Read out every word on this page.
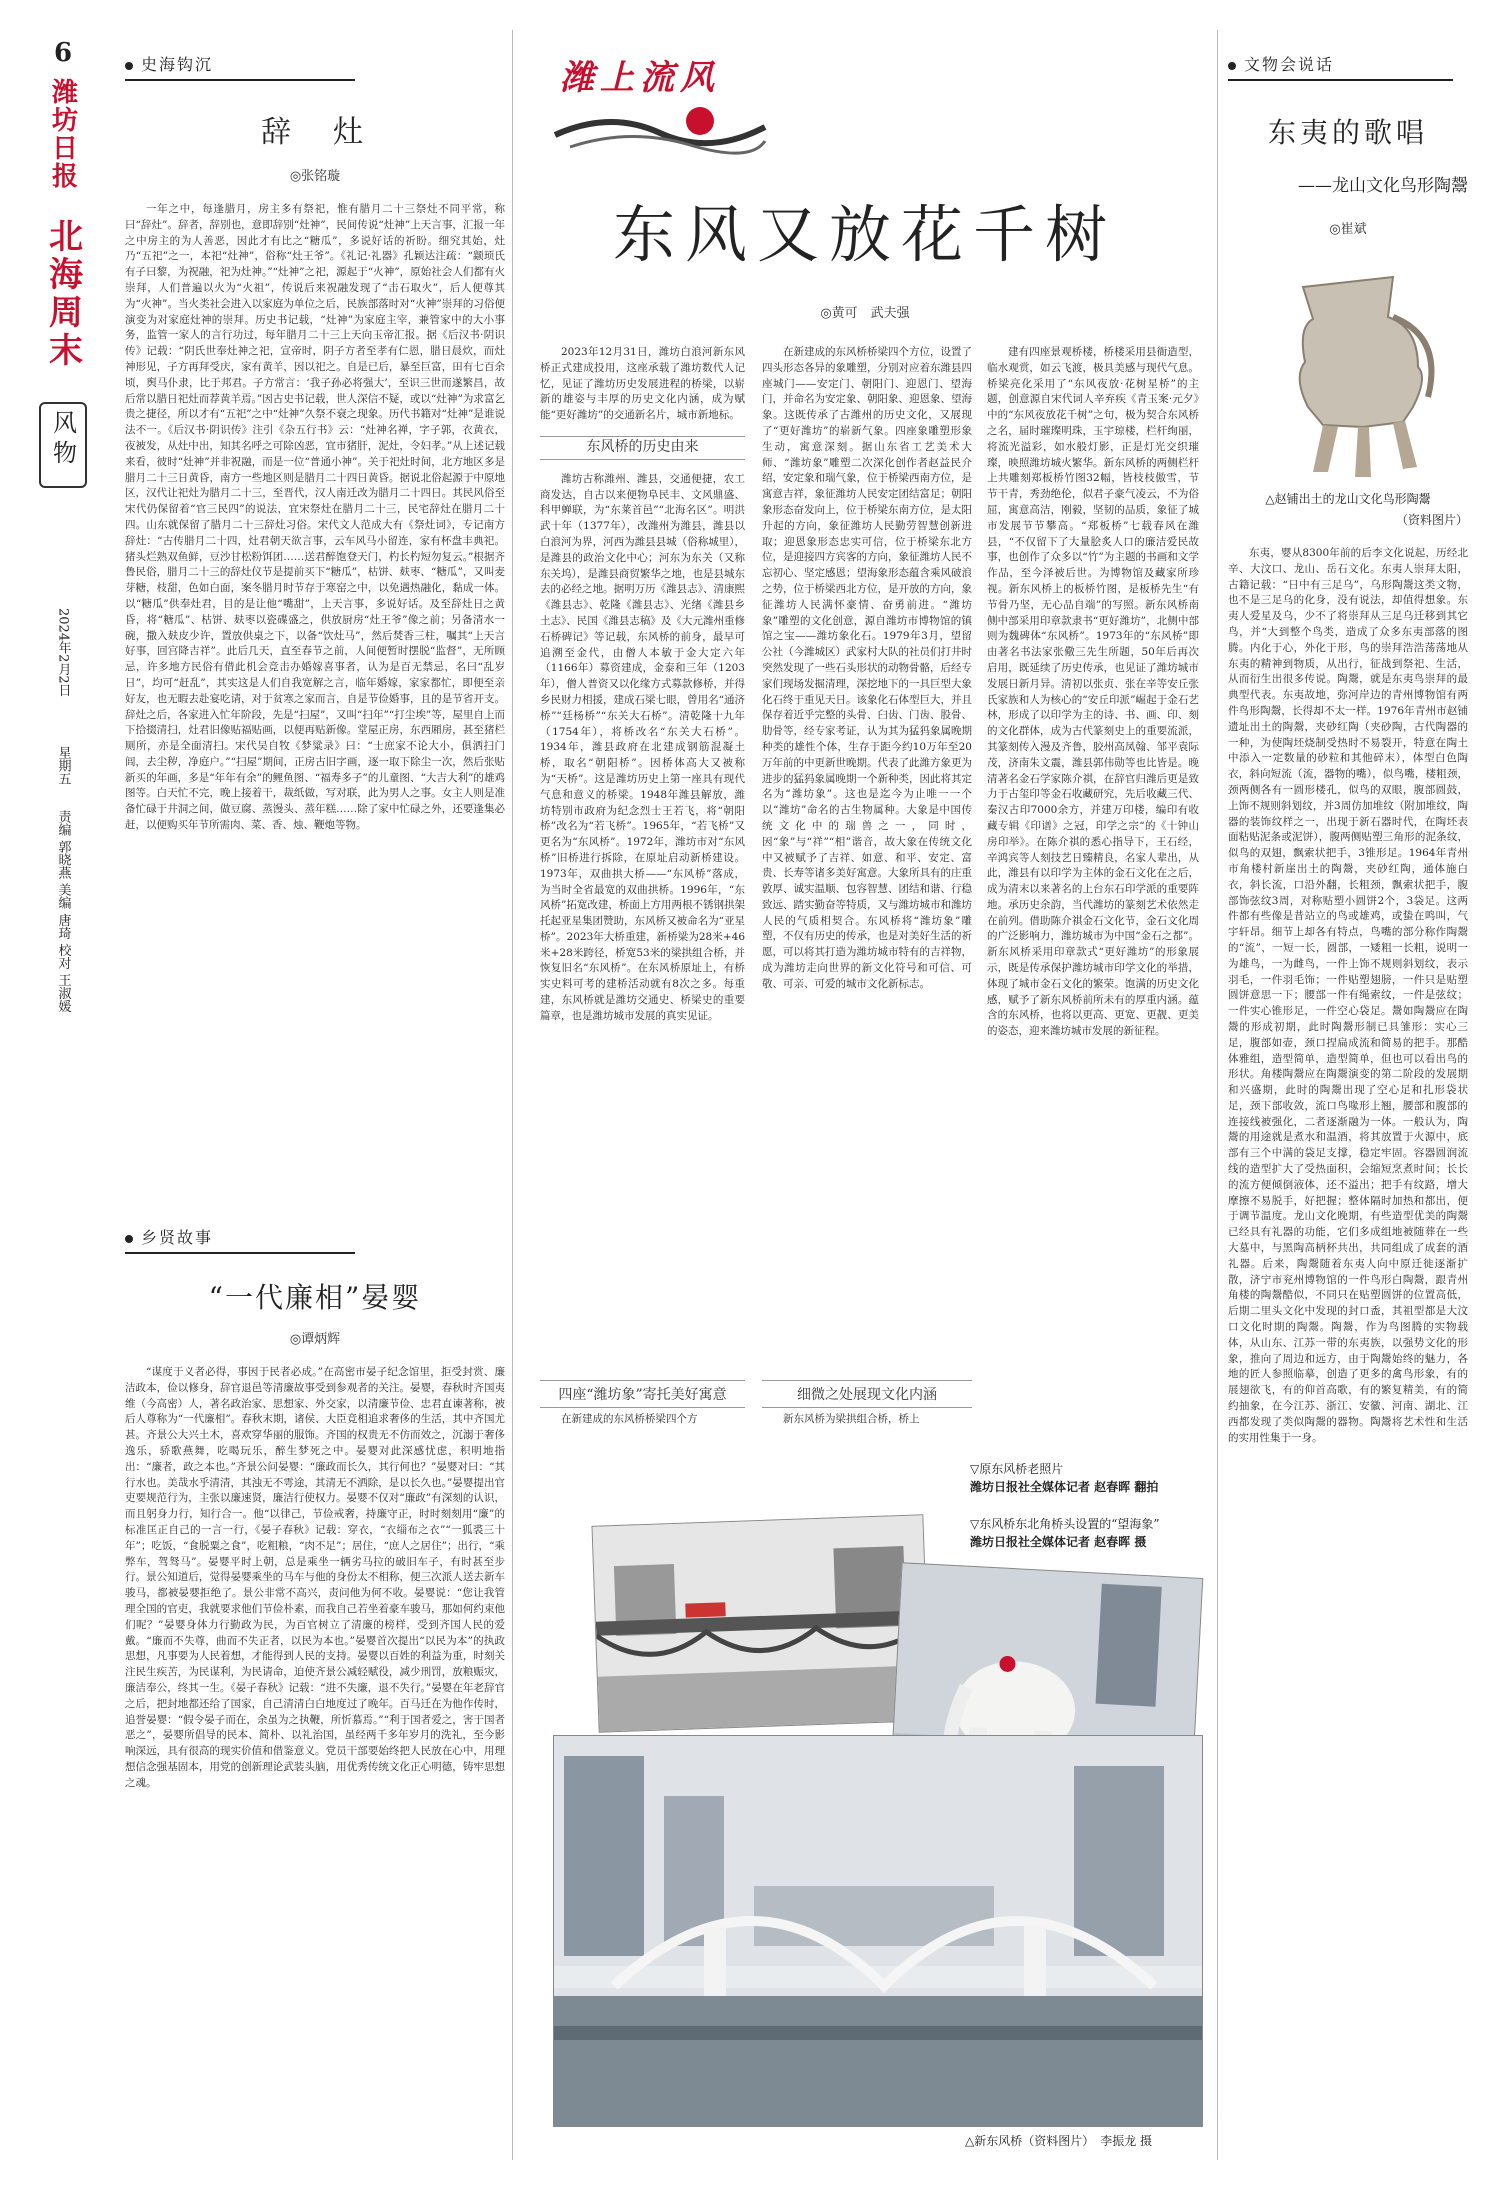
6
潍坊日报
北海周末
风物
2024年2月2日
星期五
责编 郭晓燕 美编 唐琦 校对 王淑媛
史海钩沉
辞　灶
◎张铭璇

一年之中，每逢腊月，房主多有祭祀，惟有腊月二十三祭灶不同平常，称曰“辞灶”。辞者，辞别也，意即辞别“灶神”，民间传说“灶神”上天言事，汇报一年之中房主的为人善恶，因此才有比之“糖瓜”，多说好话的祈盼。细究其始，灶乃“五祀”之一，本祀“灶神”，俗称“灶王爷”。《礼记·礼器》孔颖达注疏：“颛顼氏有子曰黎，为祝融，祀为灶神。”“灶神”之祀，源起于“火神”，原始社会人们都有火崇拜，人们普遍以火为“火祖”，传说后来祝融发现了“击石取火”，后人便尊其为“火神”。当火类社会进入以家庭为单位之后，民族部落时对“火神”崇拜的习俗便演变为对家庭灶神的崇拜。历史书记载，“灶神”为家庭主宰，兼管家中的大小事务，监管一家人的言行功过，每年腊月二十三上天向玉帝汇报。据《后汉书·阴识传》记载：“阴氏世奉灶神之祀，宣帝时，阴子方者至孝有仁恩，腊日晨炊，而灶神形见，子方再拜受庆，家有黄羊，因以祀之。自是已后，暴至巨富，田有七百余顷，舆马仆隶，比于邦君。子方常言：‘我子孙必将强大’，至识三世而遂繁昌，故后常以腊日祀灶而荐黄羊焉。”因古史书记载，世人深信不疑，或以“灶神”为求富乞贵之捷径，所以才有“五祀”之中“灶神”久祭不衰之现象。历代书籍对“灶神”是谁说法不一。《后汉书·阴识传》注引《杂五行书》云：“灶神名禅，字子郭，衣黄衣，夜被发，从灶中出，知其名呼之可除凶恶，宜市猪肝，泥灶，令妇孝。”从上述记载来看，彼时“灶神”并非祝融，而是一位“普通小神”。关于祀灶时间，北方地区多是腊月二十三日黄昏，南方一些地区则是腊月二十四日黄昏。据说北俗起源于中原地区，汉代让祀灶为腊月二十三，至晋代，汉人南迁改为腊月二十四日。其民风俗至宋代仍保留着“官三民四”的说法，宜宋祭灶在腊月二十三，民宅辞灶在腊月二十四。山东就保留了腊月二十三辞灶习俗。宋代文人范成大有《祭灶词》，专记南方辞灶：“古传腊月二十四，灶君朝天欲言事，云车风马小留连，家有杯盘丰典祀。猪头烂熟双鱼鲜，豆沙甘松粉饵团……送君醉饱登天门，杓长杓短勿复云。”根据齐鲁民俗，腊月二十三的辞灶仪节是提前买下“糖瓜”，枯饼、麸枣、“糖瓜”，又叫麦芽糖，枝甜，色如白面，案冬腊月时节存于寒窑之中，以免遇热融化，黏成一体。以“糖瓜”供奉灶君，目的是让他“嘴甜”，上天言事，多说好话。及至辞灶日之黄昏，将“糖瓜”、枯饼、麸枣以瓷碟盛之，供放厨房“灶王爷”像之前；另备清水一碗，撒入麸皮少许，置放供桌之下，以备“饮灶马”，然后焚香三柱，嘱其“上天言好事，回宫降吉祥”。此后几天，直至春节之前，人间便暂时摆脱“监督”，无所顾忌，许多地方民俗有借此机会竞击办婚嫁喜事者，认为是百无禁忌，名曰“乱岁日”，均可“赶乱”，其实这是人们自我宽解之言，临年婚嫁，家家都忙，即便至亲好友，也无暇去赴宴吃请，对于贫寒之家而言，自是节俭婚事，且的是节省开支。辞灶之后，各家进入忙年阶段，先是“扫屋”，又叫“扫年”“打尘埃”等，屋里自上而下拾掇清扫，灶君旧像贴福贴画，以便再贴新像。堂屋正房，东西厢房，甚至猪栏厕所，亦是全面清扫。宋代吴自牧《梦粱录》曰：“士庶家不论大小，俱洒扫门闾，去尘秽，净庭户。”“扫屋”期间，正房古旧字画，逐一取下除尘一次，然后张贴新买的年画，多是“年年有余”的鲤鱼图、“福寿多子”的儿童图、“大吉大利”的雄鸡图等。白天忙不完，晚上接着干，裁纸做，写对联，此为男人之事。女主人则是准备忙碌于井洞之间，做豆腐、蒸馒头、蒸年糕……除了家中忙碌之外，还要逢集必赶，以便购买年节所需肉、菜、香、烛、鞭炮等物。

乡贤故事
“一代廉相”晏婴
◎谭炳辉

“谋度于义者必得，事因于民者必成。”在高密市晏子纪念馆里，拒受封赏、廉洁政本，俭以修身，辞官退邑等清廉故事受到参观者的关注。晏婴，春秋时齐国夷维（今高密）人，著名政治家、思想家、外交家，以清廉节俭、忠君直谏著称，被后人尊称为“一代廉相”。春秋末期，诸侯、大臣竞相追求奢侈的生活，其中齐国尤甚。齐景公大兴土木，喜欢穿华丽的服饰。齐国的权贵无不仿而效之，沉溺于奢侈逸乐，骄歌燕舞，吃喝玩乐，醉生梦死之中。晏婴对此深感忧虑，积明地指出：“廉者，政之本也。”齐景公问晏婴：“廉政而长久，其行何也？”晏婴对曰：“其行水也。美哉水乎清清，其浊无不雩途，其清无不洒除，是以长久也。”晏婴提出官吏要规范行为，主张以廉速贤，廉洁行使权力。晏婴不仅对“廉政”有深刻的认识，而且躬身力行，知行合一。他“以律己，节俭戒奢，持廉守正，时时刻刻用“廉”的标准匡正自己的一言一行，《晏子春秋》记载：穿衣，“衣缁布之衣”“一狐裘三十年”；吃饭，“食脱粟之食”，吃粗粮，“肉不足”；居住，“庶人之居住”；出行，“乘弊车，驾驽马”。晏婴平时上朝，总是乘坐一辆劣马拉的破旧车子，有时甚至步行。景公知道后，觉得晏婴乘坐的马车与他的身份太不相称，便三次派人送去新车骏马，都被晏婴拒绝了。景公非常不高兴，责问他为何不收。晏婴说：“您让我管理全国的官吏，我就要求他们节俭朴素，而我自己若坐着豪车骏马，那如何约束他们呢？”晏婴身体力行勤政为民，为百官树立了清廉的榜样，受到齐国人民的爱戴。“廉而不失尊，曲而不失正者，以民为本也。”晏婴首次提出“以民为本”的执政思想，凡事要为人民着想，才能得到人民的支持。晏婴以百姓的利益为重，时刻关注民生疾苦，为民谋利，为民请命，迫使齐景公减轻赋役，减少刑罚，放粮赈灾，廉洁奉公，终其一生。《晏子春秋》记载：“进不失廉，退不失行。”晏婴在年老辞官之后，把封地都还给了国家，自己清清白白地度过了晚年。百马迁在为他作传时，追誉晏婴：“假令晏子而在，余虽为之执鞭，所忻慕焉。”“利于国者爱之，害于国者恶之”，晏婴所倡导的民本、简朴、以礼治国，虽经两千多年岁月的洗礼，至今影响深远，具有很高的现实价值和借鉴意义。党员干部要始终把人民放在心中，用理想信念强基固本，用党的创新理论武装头脑，用优秀传统文化正心明德，铸牢思想之魂。

潍上流风
东风又放花千树
◎黄可　武夫强

2023年12月31日，潍坊白浪河新东风桥正式建成投用，这座承载了潍坊数代人记忆，见证了潍坊历史发展进程的桥梁，以崭新的雄姿与丰厚的历史文化内涵，成为赋能“更好潍坊”的交通新名片，城市新地标。

东风桥的历史由来

潍坊古称潍州、潍县，交通便捷，农工商发达，自古以来便物阜民丰、文风鼎盛、科甲蝉联，为“东莱首邑”“北海名区”。明洪武十年（1377年），改潍州为潍县，潍县以白浪河为界，河西为潍县县城（俗称城里），是潍县的政治文化中心；河东为东关（又称东关坞），是潍县商贸繁华之地，也是县城东去的必经之地。据明万历《潍县志》、清康熙《潍县志》、乾隆《潍县志》、光绪《潍县乡土志》、民国《潍县志稿》及《大元潍州重修石桥碑记》等记载，东风桥的前身，最早可追溯至金代，由僧人本敏于金大定六年（1166年）募资建成，金泰和三年（1203年），僧人普资又以化缘方式募款修桥，并得乡民财力相援，建成石梁七眼，曾用名“通济桥”“廷杨桥”“东关大石桥”。清乾隆十九年（1754年），将桥改名“东关大石桥”。1934年，潍县政府在北建成钢筋混凝土桥，取名“朝阳桥”。因桥体高大又被称为“天桥”。这是潍坊历史上第一座具有现代气息和意义的桥梁。1948年潍县解放，潍坊特别市政府为纪念烈士王若飞，将“朝阳桥”改名为“若飞桥”。1965年，“若飞桥”又更名为“东风桥”。1972年，潍坊市对“东风桥”旧桥进行拆除，在原址启动新桥建设。1973年，双曲拱大桥——“东风桥”落成，为当时全省最宽的双曲拱桥。1996年，“东风桥”拓宽改建，桥面上方用两根不锈钢拱架托起亚星集团赞助，东风桥又被命名为“亚星桥”。2023年大桥重建，新桥梁为28米+46米+28米跨径，桥宽53米的梁拱组合桥，并恢复旧名“东风桥”。在东风桥原址上，有桥实史料可考的建桥活动就有8次之多。每重建，东风桥就是潍坊交通史、桥梁史的重要篇章，也是潍坊城市发展的真实见证。

在新建成的东风桥桥梁四个方位，设置了四头形态各异的象雕塑，分别对应着东潍县四座城门——安定门、朝阳门、迎恩门、望海门，并命名为安定象、朝阳象、迎恩象、望海象。这既传承了古潍州的历史文化，又展现了“更好潍坊”的崭新气象。四座象雕塑形象生动，寓意深刻。据山东省工艺美术大师、“潍坊象”雕塑二次深化创作者赵益民介绍，安定象和瑞气象，位于桥梁西南方位，是寓意吉祥，象征潍坊人民安定团结富足；朝阳象形态奋发向上，位于桥梁东南方位，是太阳升起的方向，象征潍坊人民勤劳智慧创新进取；迎恩象形态忠实可信，位于桥梁东北方位，是迎接四方宾客的方向，象征潍坊人民不忘初心、坚定感恩；望海象形态蕴含乘风破浪之势，位于桥梁西北方位，是开放的方向，象征潍坊人民满怀豪情、奋勇前进。“潍坊象”雕塑的文化创意，源自潍坊市博物馆的镇馆之宝——潍坊象化石。1979年3月，望留公社（今潍城区）武家村大队的社员们打井时突然发现了一些石头形状的动物骨骼，后经专家们现场发掘清理，深挖地下的一具巨型大象化石终于重见天日。该象化石体型巨大，并且保存着近乎完整的头骨、臼齿、门齿、股骨、肋骨等，经专家考证，认为其为猛犸象属晚期种类的雄性个体，生存于距今约10万年至20万年前的中更新世晚期。代表了此潍方象更为进步的猛犸象属晚期一个新种类，因此将其定名为“潍坊象”。这也是迄今为止唯一一个以“潍坊”命名的古生物属种。大象是中国传统文化中的瑞兽之一，同时，因“象”与“祥”“相”谐音，故大象在传统文化中又被赋予了吉祥、如意、和平、安定、富贵、长寿等诸多美好寓意。大象所具有的庄重敦厚、诚实温顺、包容智慧、团结和谐、行稳致远、踏实勤奋等特质，又与潍坊城市和潍坊人民的气质相契合。东风桥将“潍坊象”雕塑，不仅有历史的传承，也是对美好生活的祈愿，可以将其打造为潍坊城市特有的吉祥物，成为潍坊走向世界的新文化符号和可信、可敬、可亲、可爱的城市文化新标志。

建有四座景观桥楼，桥楼采用县衙造型，临水观赏，如云飞渡，极具美感与现代气息。桥梁亮化采用了“东风夜放·花树星桥”的主题，创意源自宋代词人辛弃疾《青玉案·元夕》中的“东风夜放花千树”之句，极为契合东风桥之名，届时璀璨明珠，玉宇琼楼，栏杆绚丽，将流光溢彩，如水般灯影，正是灯光交织璀璨，映照潍坊城火繁华。新东风桥的两侧栏杆上共雕刻郑板桥竹图32幅，皆枝枝傲雪，节节干青，秀劲绝伦，似君子豪气凌云，不为俗屈，寓意高洁，刚毅，坚韧的品质，象征了城市发展节节攀高。“郑板桥”七载春风在潍县，“不仅留下了大量脍炙人口的廉洁爱民故事，也创作了众多以“竹”为主题的书画和文学作品，至今泽被后世。为博物馆及藏家所珍视。新东风桥上的板桥竹图，是板桥先生“有节骨乃坚，无心品自端”的写照。新东风桥南侧中部采用印章款隶书“更好潍坊”，北侧中部则为魏碑体“东风桥”。1973年的“东风桥”即由著名书法家张儆三先生所题，50年后再次启用，既延续了历史传承，也见证了潍坊城市发展日新月异。清初以张贞、张在辛等安丘张氏家族和人为核心的“安丘印派”崛起于金石艺林，形成了以印学为主的诗、书、画、印、刻的文化群体，成为古代篆刻史上的重要流派，其篆刻传入漫及齐鲁，胶州高凤翰、邹平袁际茂，济南朱文震，潍县郭伟勋等也比皆是。晚清著名金石学家陈介祺，在辞官归潍后更是致力于古玺印等金石收藏研究，先后收藏三代、秦汉古印7000余方，并建万印楼，编印有收藏专辑《印谱》之冠，印学之宗“的《十钟山房印举》。在陈介祺的悉心指导下，王石经，辛鸿宾等人刻技艺日臻精良，名家人辈出，从此，潍县有以印学为主体的金石文化在之后，成为清末以来著名的上台东石印学派的重要阵地。承历史余韵，当代潍坊的篆刻艺术依然走在前列。借助陈介祺金石文化节，金石文化周的广泛影响力，潍坊城市为中国“金石之都”。新东风桥采用印章款式“更好潍坊”的形象展示，既是传承保护潍坊城市印学文化的举措，体现了城市金石文化的繁荣。饱满的历史文化感，赋予了新东风桥前所未有的厚重内涵。蕴含的东风桥，也将以更高、更宽、更靓、更美的姿态，迎来潍坊城市发展的新征程。

四座“潍坊象”寄托美好寓意

在新建成的东风桥桥梁四个方

细微之处展现文化内涵

新东风桥为梁拱组合桥，桥上

▽原东风桥老照片
潍坊日报社全媒体记者 赵春晖 翻拍
▽东风桥东北角桥头设置的“望海象”
潍坊日报社全媒体记者 赵春晖 摄
△新东风桥（资料图片）　李振龙 摄
文物会说话
东夷的歌唱
——龙山文化鸟形陶鬶
◎崔斌
△赵铺出土的龙山文化鸟形陶鬶
（资料图片）

东夷，婴从8300年前的后李文化说起，历经北辛、大汶口、龙山、岳石文化。东夷人崇拜太阳，古籍记载：“日中有三足乌”，乌形陶鬶这类文物，也不是三足乌的化身，没有说法，却值得想象。东夷人爱星及乌，少不了将崇拜从三足乌迁移到其它鸟，并“大到整个鸟类，造成了众多东夷部落的图腾。内化于心，外化于形，鸟的崇拜浩浩荡荡地从东夷的精神到物质，从出行，征战到祭祀、生活，从而衍生出很多传说。陶鬶，就是东夷鸟崇拜的最典型代表。东夷故地，弥河岸边的青州博物馆有两件鸟形陶鬶，长得却不太一样。1976年青州市赵铺遗址出土的陶鬶，夹砂红陶（夹砂陶，古代陶器的一种，为使陶坯烧制受热时不易裂开，特意在陶土中添入一定数量的砂粒和其他碎末），体型白色陶衣，斜向短流（流，器物的嘴），似鸟嘴，楼粗颈，颈两侧各有一圆形楼孔，似鸟的双眼，腹部圆鼓，上饰不规则斜划纹，并3周仿加堆纹（附加堆纹，陶器的装饰纹样之一，出现于新石器时代，在陶坯表面粘贴泥条或泥饼），腹两侧贴塑三角形的泥条纹，似鸟的双翅，飘索状把手，3锥形足。1964年青州市角楼村新崖出土的陶鬶，夹砂红陶，通体施白衣，斜长流，口沿外翻，长粗颈，飘索状把手，腹部饰弦纹3周，对称贴塑小圆饼2个，3袋足。这两件都有些像是昔站立的鸟或雄鸡，或蛰在鸣叫，气宇轩昂。细节上却各有特点，鸟嘴的部分称作陶鬶的“流”，一短一长，圆部，一矮粗一长粗，说明一为雄鸟，一为雌鸟，一件上饰不规则斜划纹，表示羽毛，一件羽毛饰；一件贴塑翅膀，一件只是贴塑圆饼意思一下；腰部一件有绳索纹，一件是弦纹；一件实心锥形足，一件空心袋足。鬶如陶鬶应在陶鬶的形成初期，此时陶鬶形制已具雏形：实心三足，腹部如壶，颈口捏扁成流和简易的把手。那酷体雅组，造型简单，造型简单，但也可以看出鸟的形状。角楼陶鬶应在陶鬶演变的第二阶段的发展期和兴盛期，此时的陶鬶出现了空心足和扎形袋状足，颈下部收敛，流口鸟喙形上翘，腰部和腹部的连接线被强化，二者逐渐融为一体。一般认为，陶鬶的用途就是煮水和温酒，将其放置于火源中，底部有三个中满的袋足支撑，稳定牢固。容器圆润流线的造型扩大了受热面积，会缩短烹煮时间；长长的流方便倾倒液体，还不溢出；把手有纹路，增大摩擦不易脱手，好把握；整体隔时加热和都出，便于调节温度。龙山文化晚期，有些造型优美的陶鬶已经具有礼器的功能，它们多成组地被随葬在一些大墓中，与黑陶高柄杯共出，共同组成了成套的酒礼器。后来，陶鬶随着东夷人向中原迁徙逐渐扩散，济宁市兖州博物馆的一件鸟形白陶鬶，跟青州角楼的陶鬶酷似，不同只在贴塑圆饼的位置高低，后期二里头文化中发现的封口盉，其祖型都是大汶口文化时期的陶鬶。陶鬶，作为鸟图腾的实物载体，从山东、江苏一带的东夷族，以强势文化的形象，推向了周边和远方，由于陶鬶始终的魅力，各地的匠人参照临摹，创造了更多的禽鸟形象，有的展翅欲飞，有的仰首高歌，有的繁复精美，有的简约抽象，在今江苏、浙江、安徽、河南、湖北、江西都发现了类似陶鬶的器物。陶鬶将艺术性和生活的实用性集于一身。
